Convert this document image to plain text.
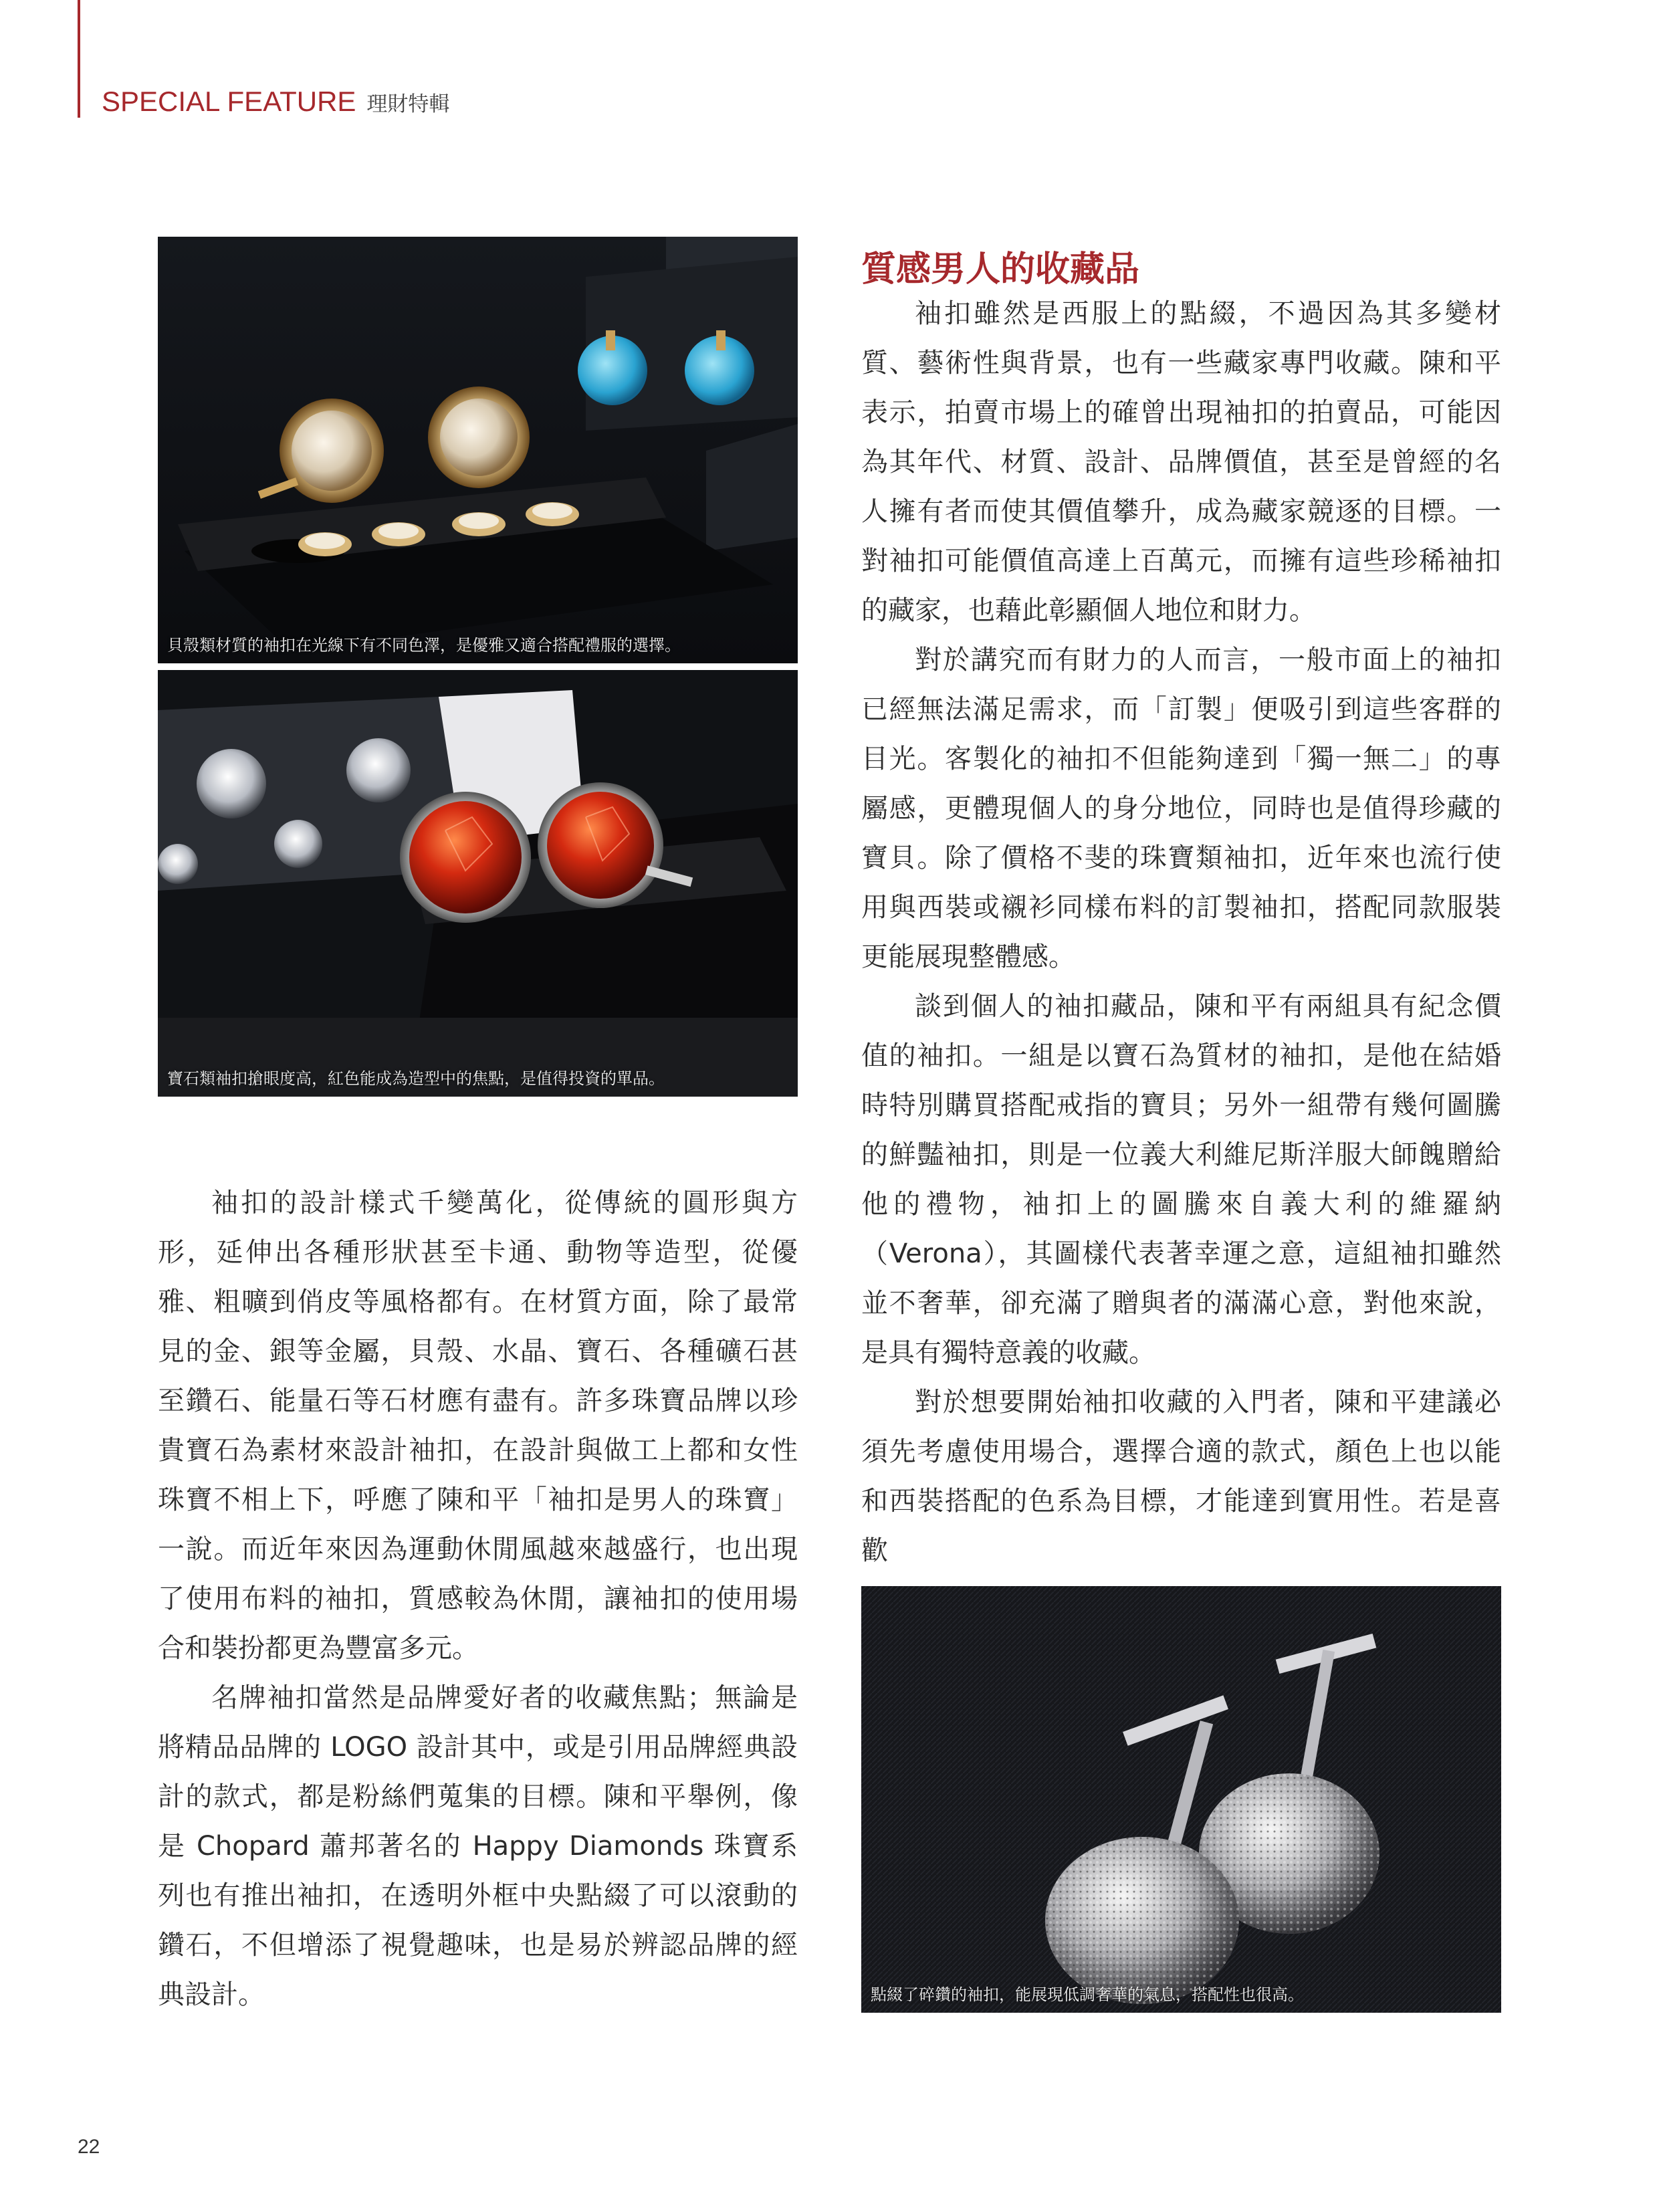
SPECIAL FEATURE 理財特輯
貝殼類材質的袖扣在光線下有不同色澤，是優雅又適合搭配禮服的選擇。
寶石類袖扣搶眼度高，紅色能成為造型中的焦點，是值得投資的單品。
點綴了碎鑽的袖扣，能展現低調奢華的氣息，搭配性也很高。
質感男人的收藏品

袖扣雖然是西服上的點綴，不過因為其多變材質、藝術性與背景，也有一些藏家專門收藏。陳和平表示，拍賣市場上的確曾出現袖扣的拍賣品，可能因為其年代、材質、設計、品牌價值，甚至是曾經的名人擁有者而使其價值攀升，成為藏家競逐的目標。一對袖扣可能價值高達上百萬元，而擁有這些珍稀袖扣的藏家，也藉此彰顯個人地位和財力。

對於講究而有財力的人而言，一般市面上的袖扣已經無法滿足需求，而「訂製」便吸引到這些客群的目光。客製化的袖扣不但能夠達到「獨一無二」的專屬感，更體現個人的身分地位，同時也是值得珍藏的寶貝。除了價格不斐的珠寶類袖扣，近年來也流行使用與西裝或襯衫同樣布料的訂製袖扣，搭配同款服裝更能展現整體感。

談到個人的袖扣藏品，陳和平有兩組具有紀念價值的袖扣。一組是以寶石為質材的袖扣，是他在結婚時特別購買搭配戒指的寶貝；另外一組帶有幾何圖騰的鮮豔袖扣，則是一位義大利維尼斯洋服大師餽贈給他的禮物，袖扣上的圖騰來自義大利的維羅納（Verona），其圖樣代表著幸運之意，這組袖扣雖然並不奢華，卻充滿了贈與者的滿滿心意，對他來說，是具有獨特意義的收藏。

對於想要開始袖扣收藏的入門者，陳和平建議必須先考慮使用場合，選擇合適的款式，顏色上也以能和西裝搭配的色系為目標，才能達到實用性。若是喜歡

袖扣的設計樣式千變萬化，從傳統的圓形與方形，延伸出各種形狀甚至卡通、動物等造型，從優雅、粗曠到俏皮等風格都有。在材質方面，除了最常見的金、銀等金屬，貝殼、水晶、寶石、各種礦石甚至鑽石、能量石等石材應有盡有。許多珠寶品牌以珍貴寶石為素材來設計袖扣，在設計與做工上都和女性珠寶不相上下，呼應了陳和平「袖扣是男人的珠寶」一說。而近年來因為運動休閒風越來越盛行，也出現了使用布料的袖扣，質感較為休閒，讓袖扣的使用場合和裝扮都更為豐富多元。

名牌袖扣當然是品牌愛好者的收藏焦點；無論是將精品品牌的 LOGO 設計其中，或是引用品牌經典設計的款式，都是粉絲們蒐集的目標。陳和平舉例，像是 Chopard 蕭邦著名的 Happy Diamonds 珠寶系列也有推出袖扣，在透明外框中央點綴了可以滾動的鑽石，不但增添了視覺趣味，也是易於辨認品牌的經典設計。

22
